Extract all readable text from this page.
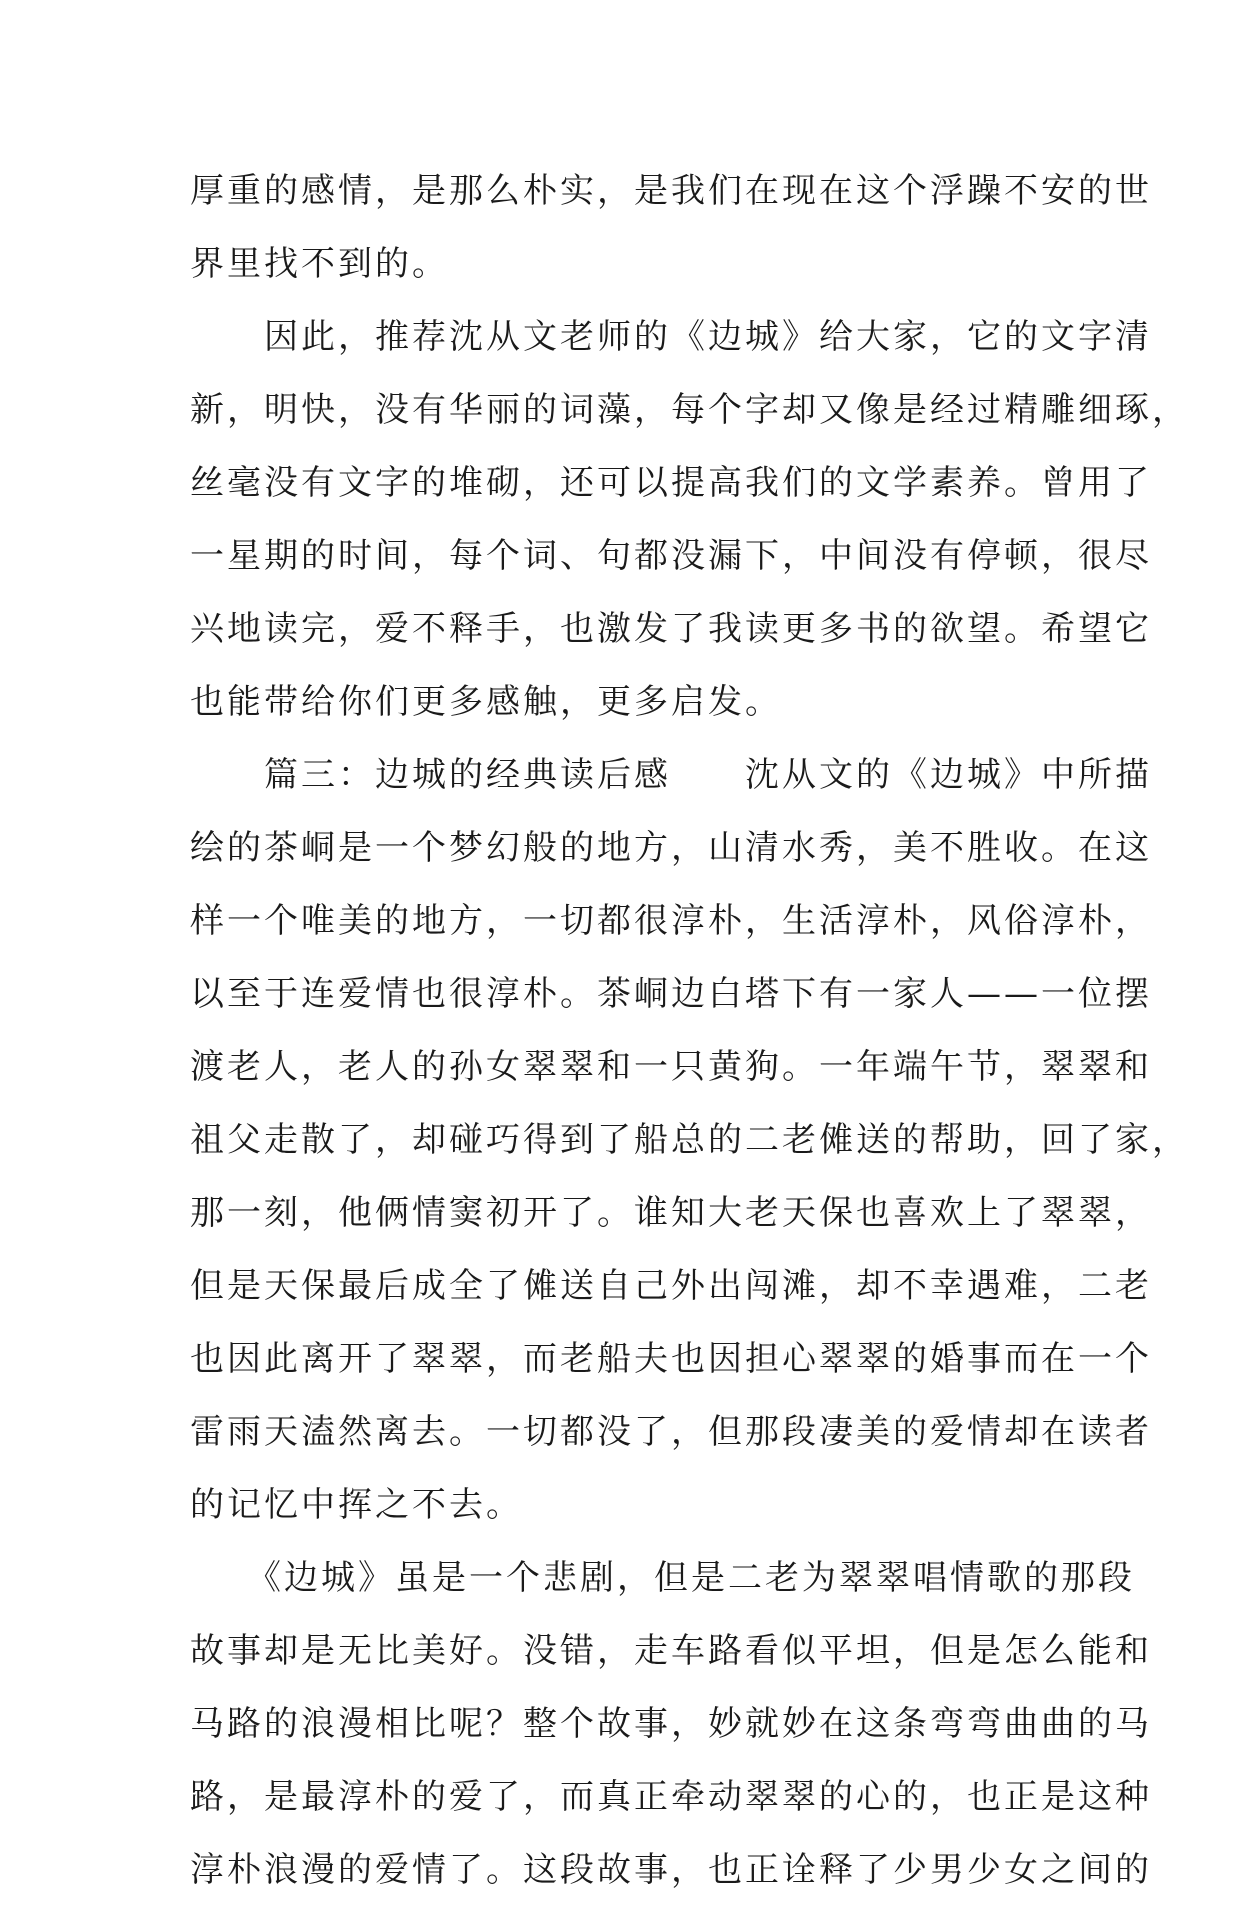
厚重的感情，是那么朴实，是我们在现在这个浮躁不安的世
界里找不到的。
　　因此，推荐沈从文老师的《边城》给大家，它的文字清
新，明快，没有华丽的词藻，每个字却又像是经过精雕细琢，
丝毫没有文字的堆砌，还可以提高我们的文学素养。曾用了
一星期的时间，每个词、句都没漏下，中间没有停顿，很尽
兴地读完，爱不释手，也激发了我读更多书的欲望。希望它
也能带给你们更多感触，更多启发。
　　篇三：边城的经典读后感　　沈从文的《边城》中所描
绘的茶峒是一个梦幻般的地方，山清水秀，美不胜收。在这
样一个唯美的地方，一切都很淳朴，生活淳朴，风俗淳朴，
以至于连爱情也很淳朴。茶峒边白塔下有一家人——一位摆
渡老人，老人的孙女翠翠和一只黄狗。一年端午节，翠翠和
祖父走散了，却碰巧得到了船总的二老傩送的帮助，回了家，
那一刻，他俩情窦初开了。谁知大老天保也喜欢上了翠翠，
但是天保最后成全了傩送自己外出闯滩，却不幸遇难，二老
也因此离开了翠翠，而老船夫也因担心翠翠的婚事而在一个
雷雨天溘然离去。一切都没了，但那段凄美的爱情却在读者
的记忆中挥之不去。
　　《边城》虽是一个悲剧，但是二老为翠翠唱情歌的那段
故事却是无比美好。没错，走车路看似平坦，但是怎么能和
马路的浪漫相比呢？整个故事，妙就妙在这条弯弯曲曲的马
路，是最淳朴的爱了，而真正牵动翠翠的心的，也正是这种
淳朴浪漫的爱情了。这段故事，也正诠释了少男少女之间的
